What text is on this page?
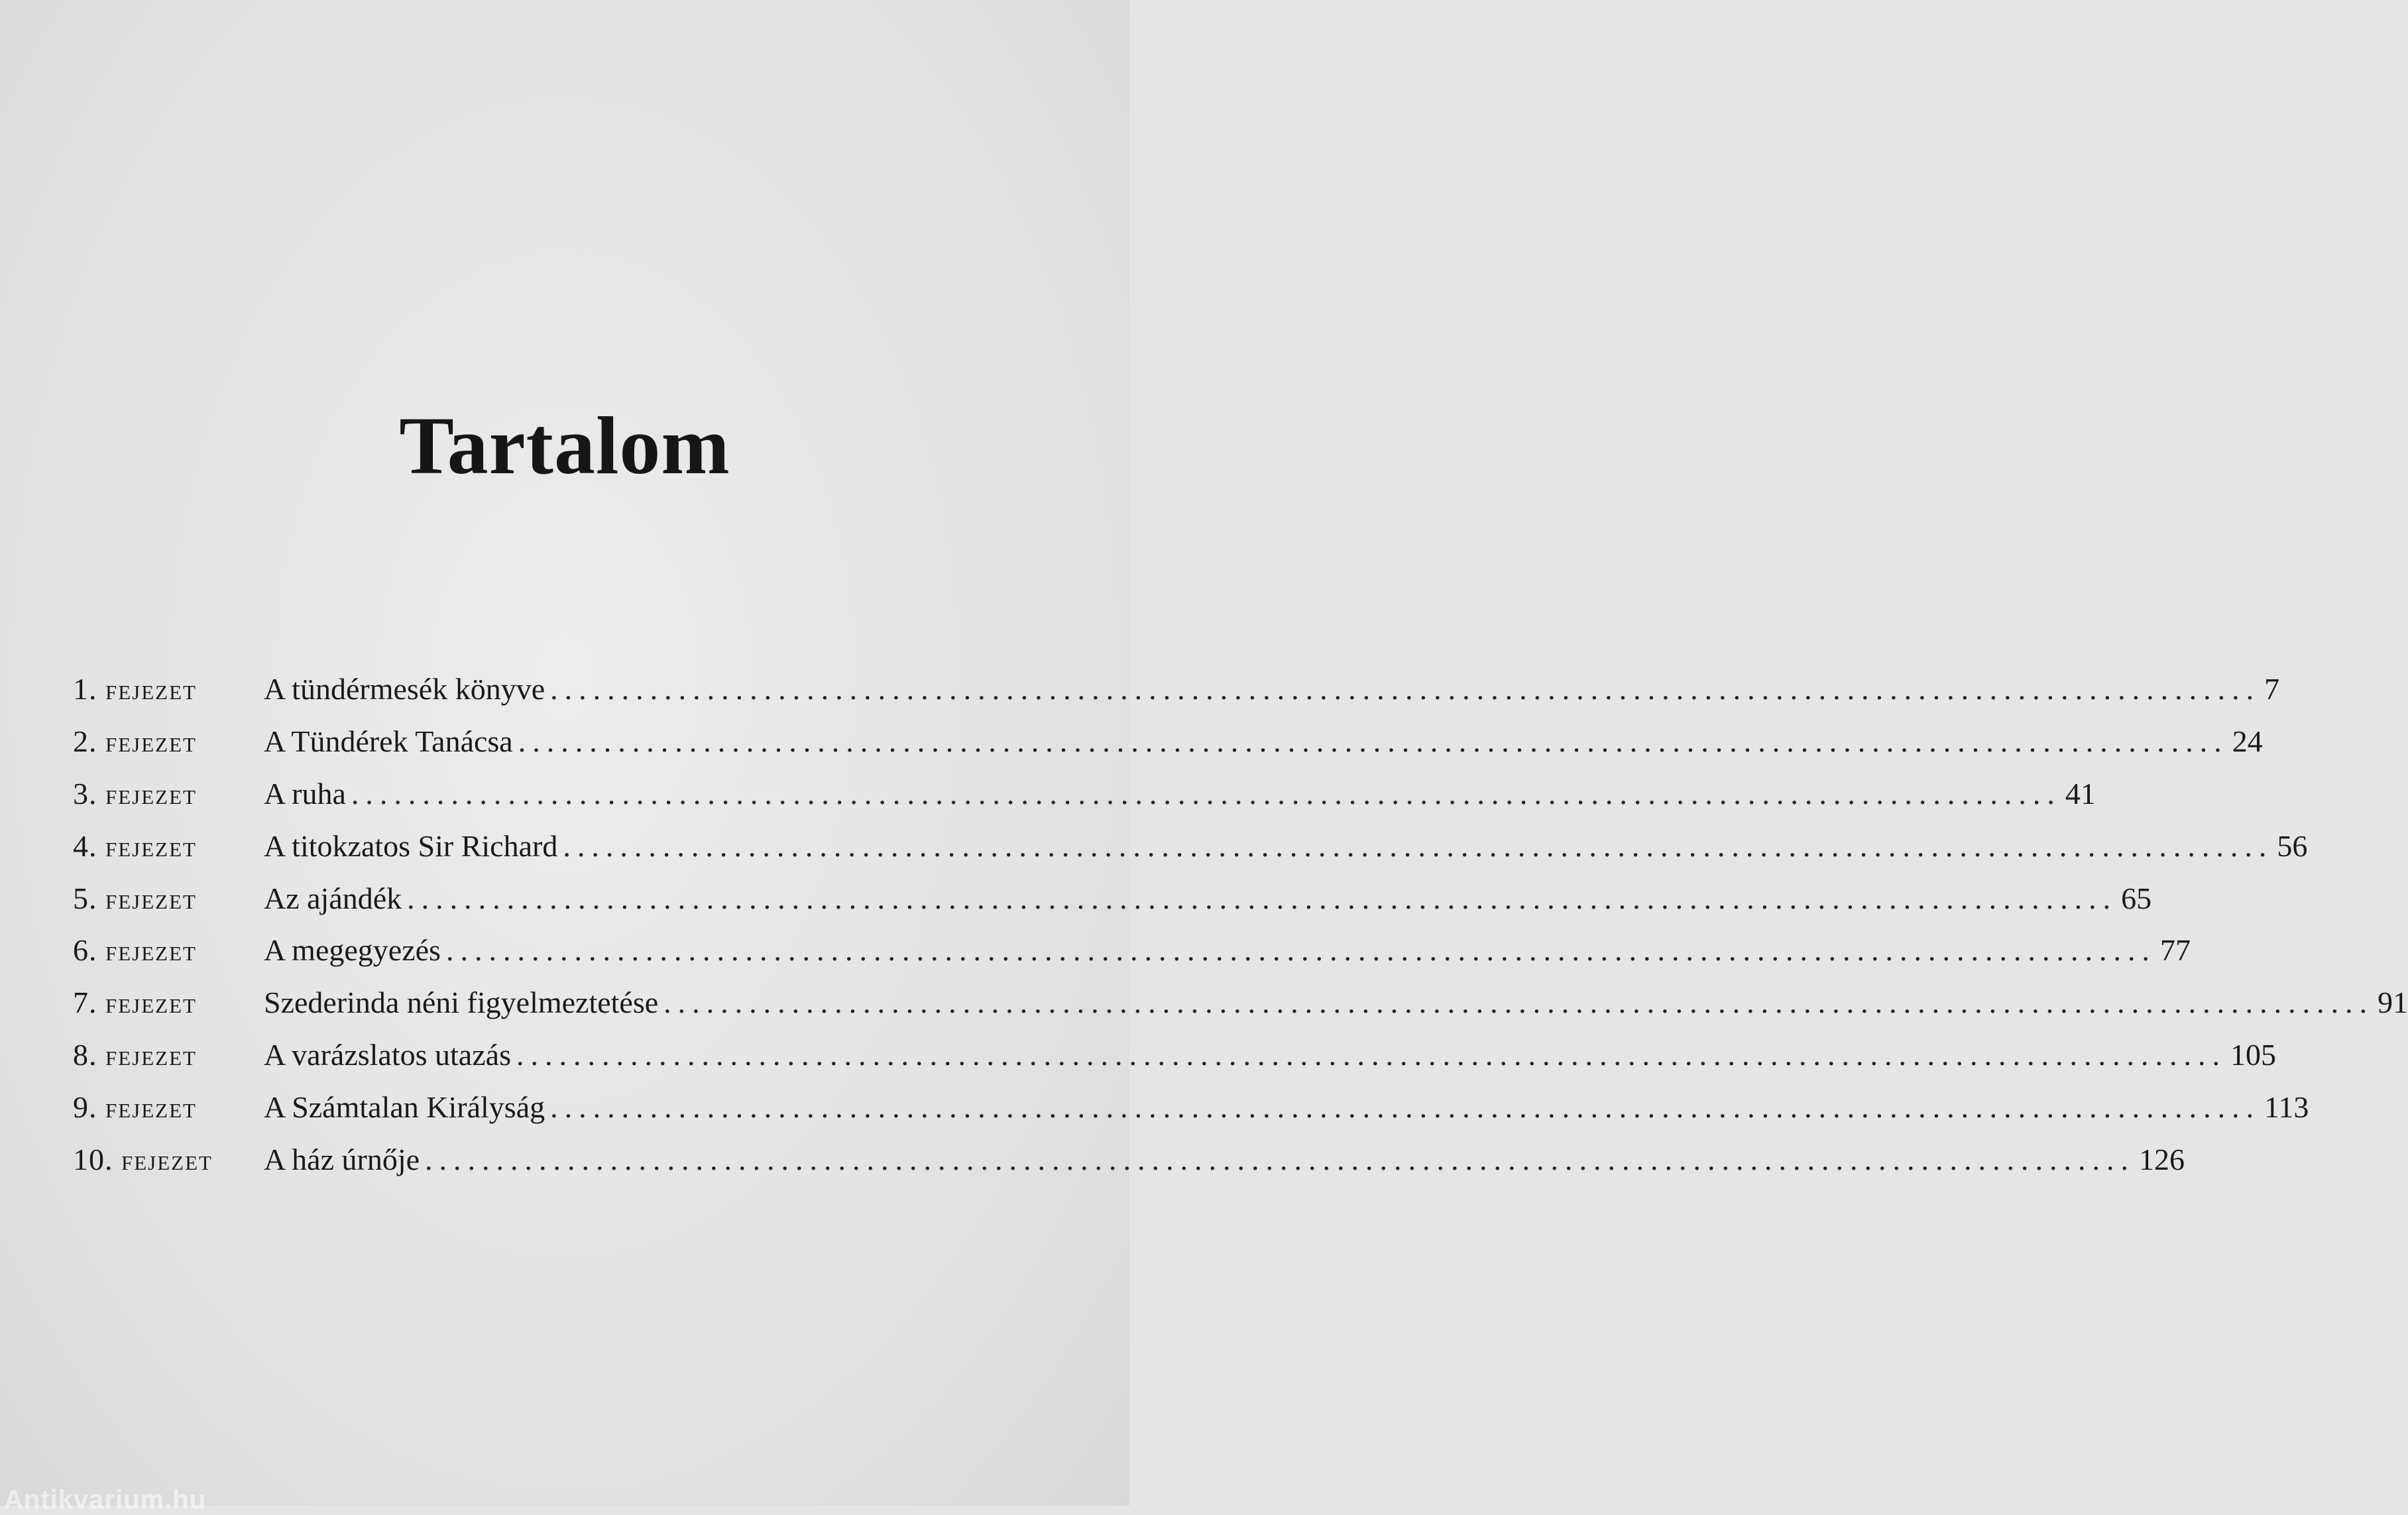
Tartalom
1. FEJEZET	A tündérmesék könyve ........................................................................................................................ 7
2. FEJEZET	A Tündérek Tanácsa ........................................................................................................................ 24
3. FEJEZET	A ruha ........................................................................................................................ 41
4. FEJEZET	A titokzatos Sir Richard ........................................................................................................................ 56
5. FEJEZET	Az ajándék ........................................................................................................................ 65
6. FEJEZET	A megegyezés ........................................................................................................................ 77
7. FEJEZET	Szederinda néni figyelmeztetése ........................................................................................................................ 91
8. FEJEZET	A varázslatos utazás ........................................................................................................................ 105
9. FEJEZET	A Számtalan Királyság ........................................................................................................................ 113
10. FEJEZET	A ház úrnője ........................................................................................................................ 126
Antikvarium.hu
